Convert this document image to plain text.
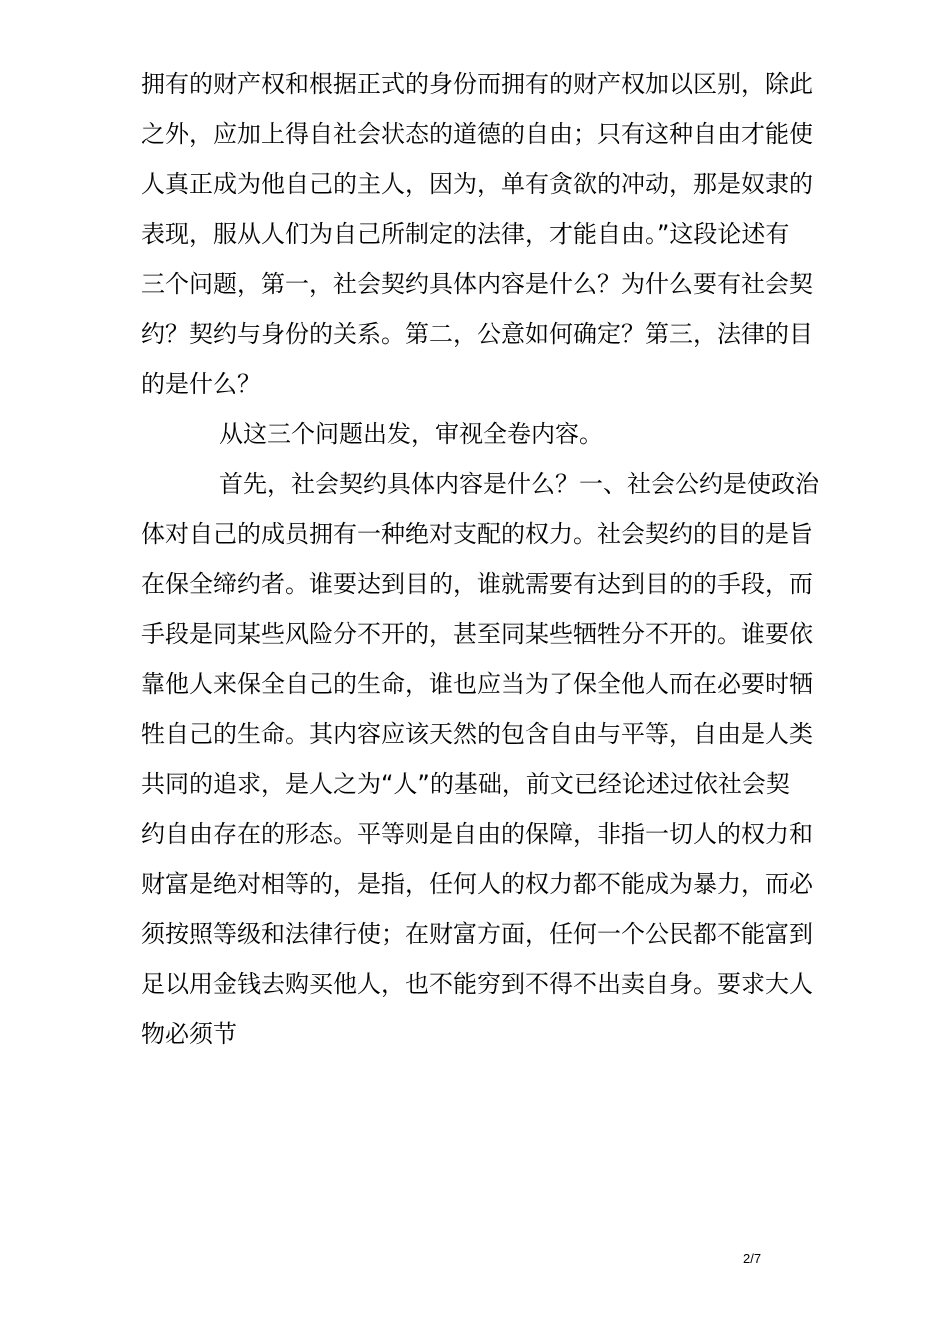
拥有的财产权和根据正式的身份而拥有的财产权加以区别，除此
之外，应加上得自社会状态的道德的自由；只有这种自由才能使
人真正成为他自己的主人，因为，单有贪欲的冲动，那是奴隶的
表现，服从人们为自己所制定的法律，才能自由。”这段论述有
三个问题，第一，社会契约具体内容是什么？为什么要有社会契
约？契约与身份的关系。第二，公意如何确定？第三，法律的目
的是什么？
从这三个问题出发，审视全卷内容。
首先，社会契约具体内容是什么？一、社会公约是使政治
体对自己的成员拥有一种绝对支配的权力。社会契约的目的是旨
在保全缔约者。谁要达到目的，谁就需要有达到目的的手段，而
手段是同某些风险分不开的，甚至同某些牺牲分不开的。谁要依
靠他人来保全自己的生命，谁也应当为了保全他人而在必要时牺
牲自己的生命。其内容应该天然的包含自由与平等，自由是人类
共同的追求，是人之为“人”的基础，前文已经论述过依社会契
约自由存在的形态。平等则是自由的保障，非指一切人的权力和
财富是绝对相等的，是指，任何人的权力都不能成为暴力，而必
须按照等级和法律行使；在财富方面，任何一个公民都不能富到
足以用金钱去购买他人，也不能穷到不得不出卖自身。要求大人
物必须节
2/7
